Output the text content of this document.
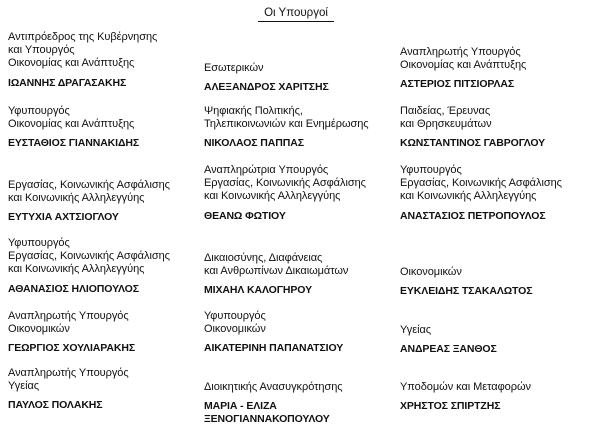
Οι Υπουργοί
Αντιπρόεδρος της Κυβέρνησης
και Υπουργός
Οικονομίας και Ανάπτυξης
ΙΩΑΝΝΗΣ ΔΡΑΓΑΣΑΚΗΣ
Εσωτερικών
ΑΛΕΞΑΝΔΡΟΣ ΧΑΡΙΤΣΗΣ
Αναπληρωτής Υπουργός
Οικονομίας και Ανάπτυξης
ΑΣΤΕΡΙΟΣ ΠΙΤΣΙΟΡΛΑΣ
Υφυπουργός
Οικονομίας και Ανάπτυξης
ΕΥΣΤΑΘΙΟΣ ΓΙΑΝΝΑΚΙΔΗΣ
Ψηφιακής Πολιτικής,
Τηλεπικοινωνιών και Ενημέρωσης
ΝΙΚΟΛΑΟΣ ΠΑΠΠΑΣ
Παιδείας, Έρευνας
και Θρησκευμάτων
ΚΩΝΣΤΑΝΤΙΝΟΣ ΓΑΒΡΟΓΛΟΥ
Εργασίας, Κοινωνικής Ασφάλισης
και Κοινωνικής Αλληλεγγύης
ΕΥΤΥΧΙΑ ΑΧΤΣΙΟΓΛΟΥ
Αναπληρώτρια Υπουργός
Εργασίας, Κοινωνικής Ασφάλισης
και Κοινωνικής Αλληλεγγύης
ΘΕΑΝΩ ΦΩΤΙΟΥ
Υφυπουργός
Εργασίας, Κοινωνικής Ασφάλισης
και Κοινωνικής Αλληλεγγύης
ΑΝΑΣΤΑΣΙΟΣ ΠΕΤΡΟΠΟΥΛΟΣ
Υφυπουργός
Εργασίας, Κοινωνικής Ασφάλισης
και Κοινωνικής Αλληλεγγύης
ΑΘΑΝΑΣΙΟΣ ΗΛΙΟΠΟΥΛΟΣ
Δικαιοσύνης, Διαφάνειας
και Ανθρωπίνων Δικαιωμάτων
ΜΙΧΑΗΛ ΚΑΛΟΓΗΡΟΥ
Οικονομικών
ΕΥΚΛΕΙΔΗΣ ΤΣΑΚΑΛΩΤΟΣ
Αναπληρωτής Υπουργός
Οικονομικών
ΓΕΩΡΓΙΟΣ ΧΟΥΛΙΑΡΑΚΗΣ
Υφυπουργός
Οικονομικών
ΑΙΚΑΤΕΡΙΝΗ ΠΑΠΑΝΑΤΣΙΟΥ
Υγείας
ΑΝΔΡΕΑΣ ΞΑΝΘΟΣ
Αναπληρωτής Υπουργός
Υγείας
ΠΑΥΛΟΣ ΠΟΛΑΚΗΣ
Διοικητικής Ανασυγκρότησης
ΜΑΡΙΑ - ΕΛΙΖΑ
ΞΕΝΟΓΙΑΝΝΑΚΟΠΟΥΛΟΥ
Υποδομών και Μεταφορών
ΧΡΗΣΤΟΣ ΣΠΙΡΤΖΗΣ
